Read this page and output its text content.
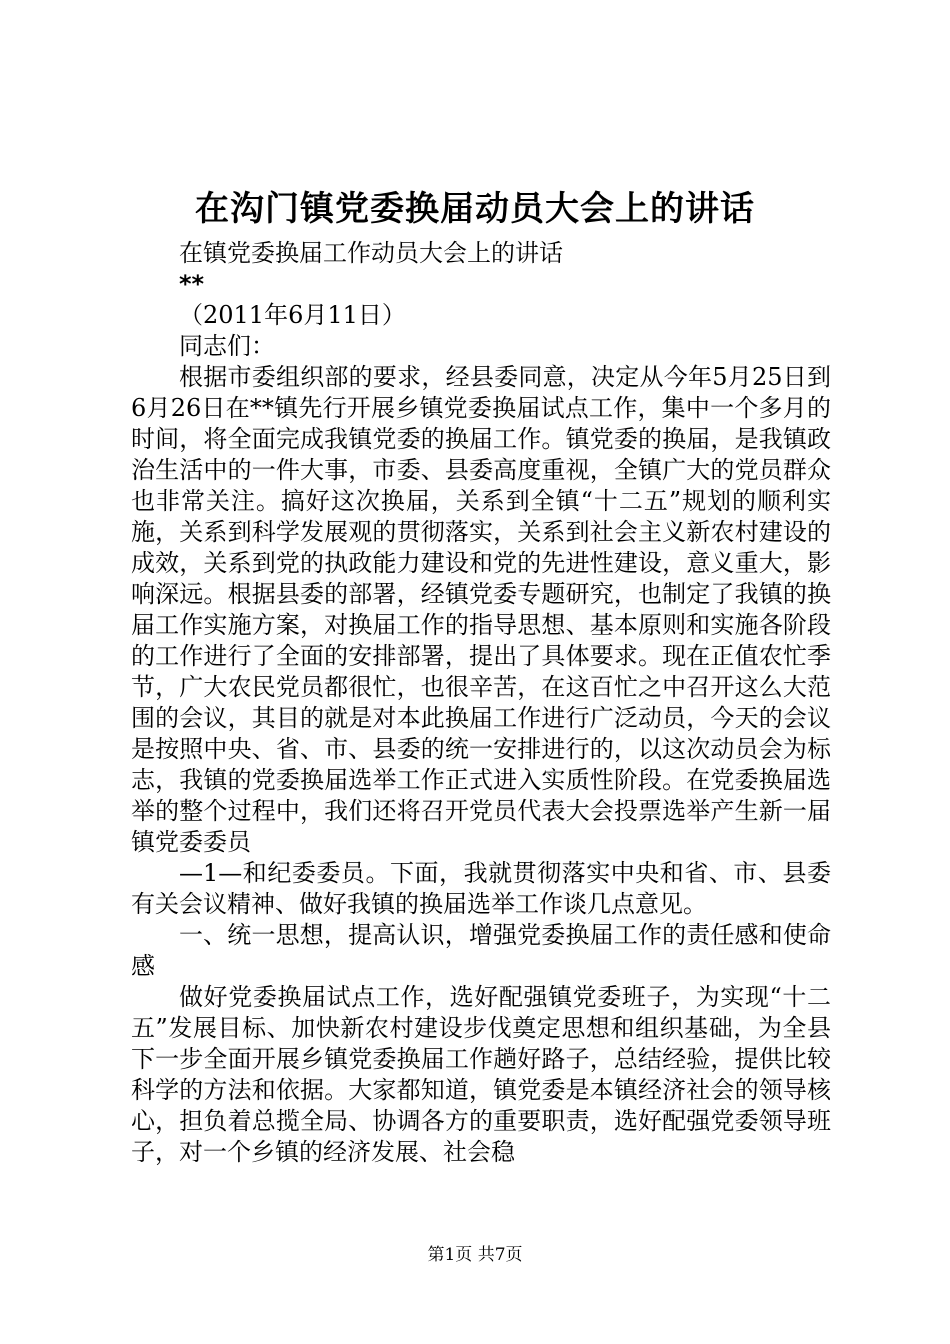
在沟门镇党委换届动员大会上的讲话

在镇党委换届工作动员大会上的讲话

**

（2011年6月11日）

同志们：

根据市委组织部的要求，经县委同意，决定从今年5月25日到6月26日在**镇先行开展乡镇党委换届试点工作，集中一个多月的时间，将全面完成我镇党委的换届工作。镇党委的换届，是我镇政治生活中的一件大事，市委、县委高度重视，全镇广大的党员群众也非常关注。搞好这次换届，关系到全镇“十二五”规划的顺利实施，关系到科学发展观的贯彻落实，关系到社会主义新农村建设的成效，关系到党的执政能力建设和党的先进性建设，意义重大，影响深远。根据县委的部署，经镇党委专题研究，也制定了我镇的换届工作实施方案，对换届工作的指导思想、基本原则和实施各阶段的工作进行了全面的安排部署，提出了具体要求。现在正值农忙季节，广大农民党员都很忙，也很辛苦，在这百忙之中召开这么大范围的会议，其目的就是对本此换届工作进行广泛动员，今天的会议是按照中央、省、市、县委的统一安排进行的，以这次动员会为标志，我镇的党委换届选举工作正式进入实质性阶段。在党委换届选举的整个过程中，我们还将召开党员代表大会投票选举产生新一届镇党委委员

—1—和纪委委员。下面，我就贯彻落实中央和省、市、县委有关会议精神、做好我镇的换届选举工作谈几点意见。

一、统一思想，提高认识，增强党委换届工作的责任感和使命感

做好党委换届试点工作，选好配强镇党委班子，为实现“十二五”发展目标、加快新农村建设步伐奠定思想和组织基础，为全县下一步全面开展乡镇党委换届工作趟好路子，总结经验，提供比较科学的方法和依据。大家都知道，镇党委是本镇经济社会的领导核心，担负着总揽全局、协调各方的重要职责，选好配强党委领导班子，对一个乡镇的经济发展、社会稳

第1页 共7页
